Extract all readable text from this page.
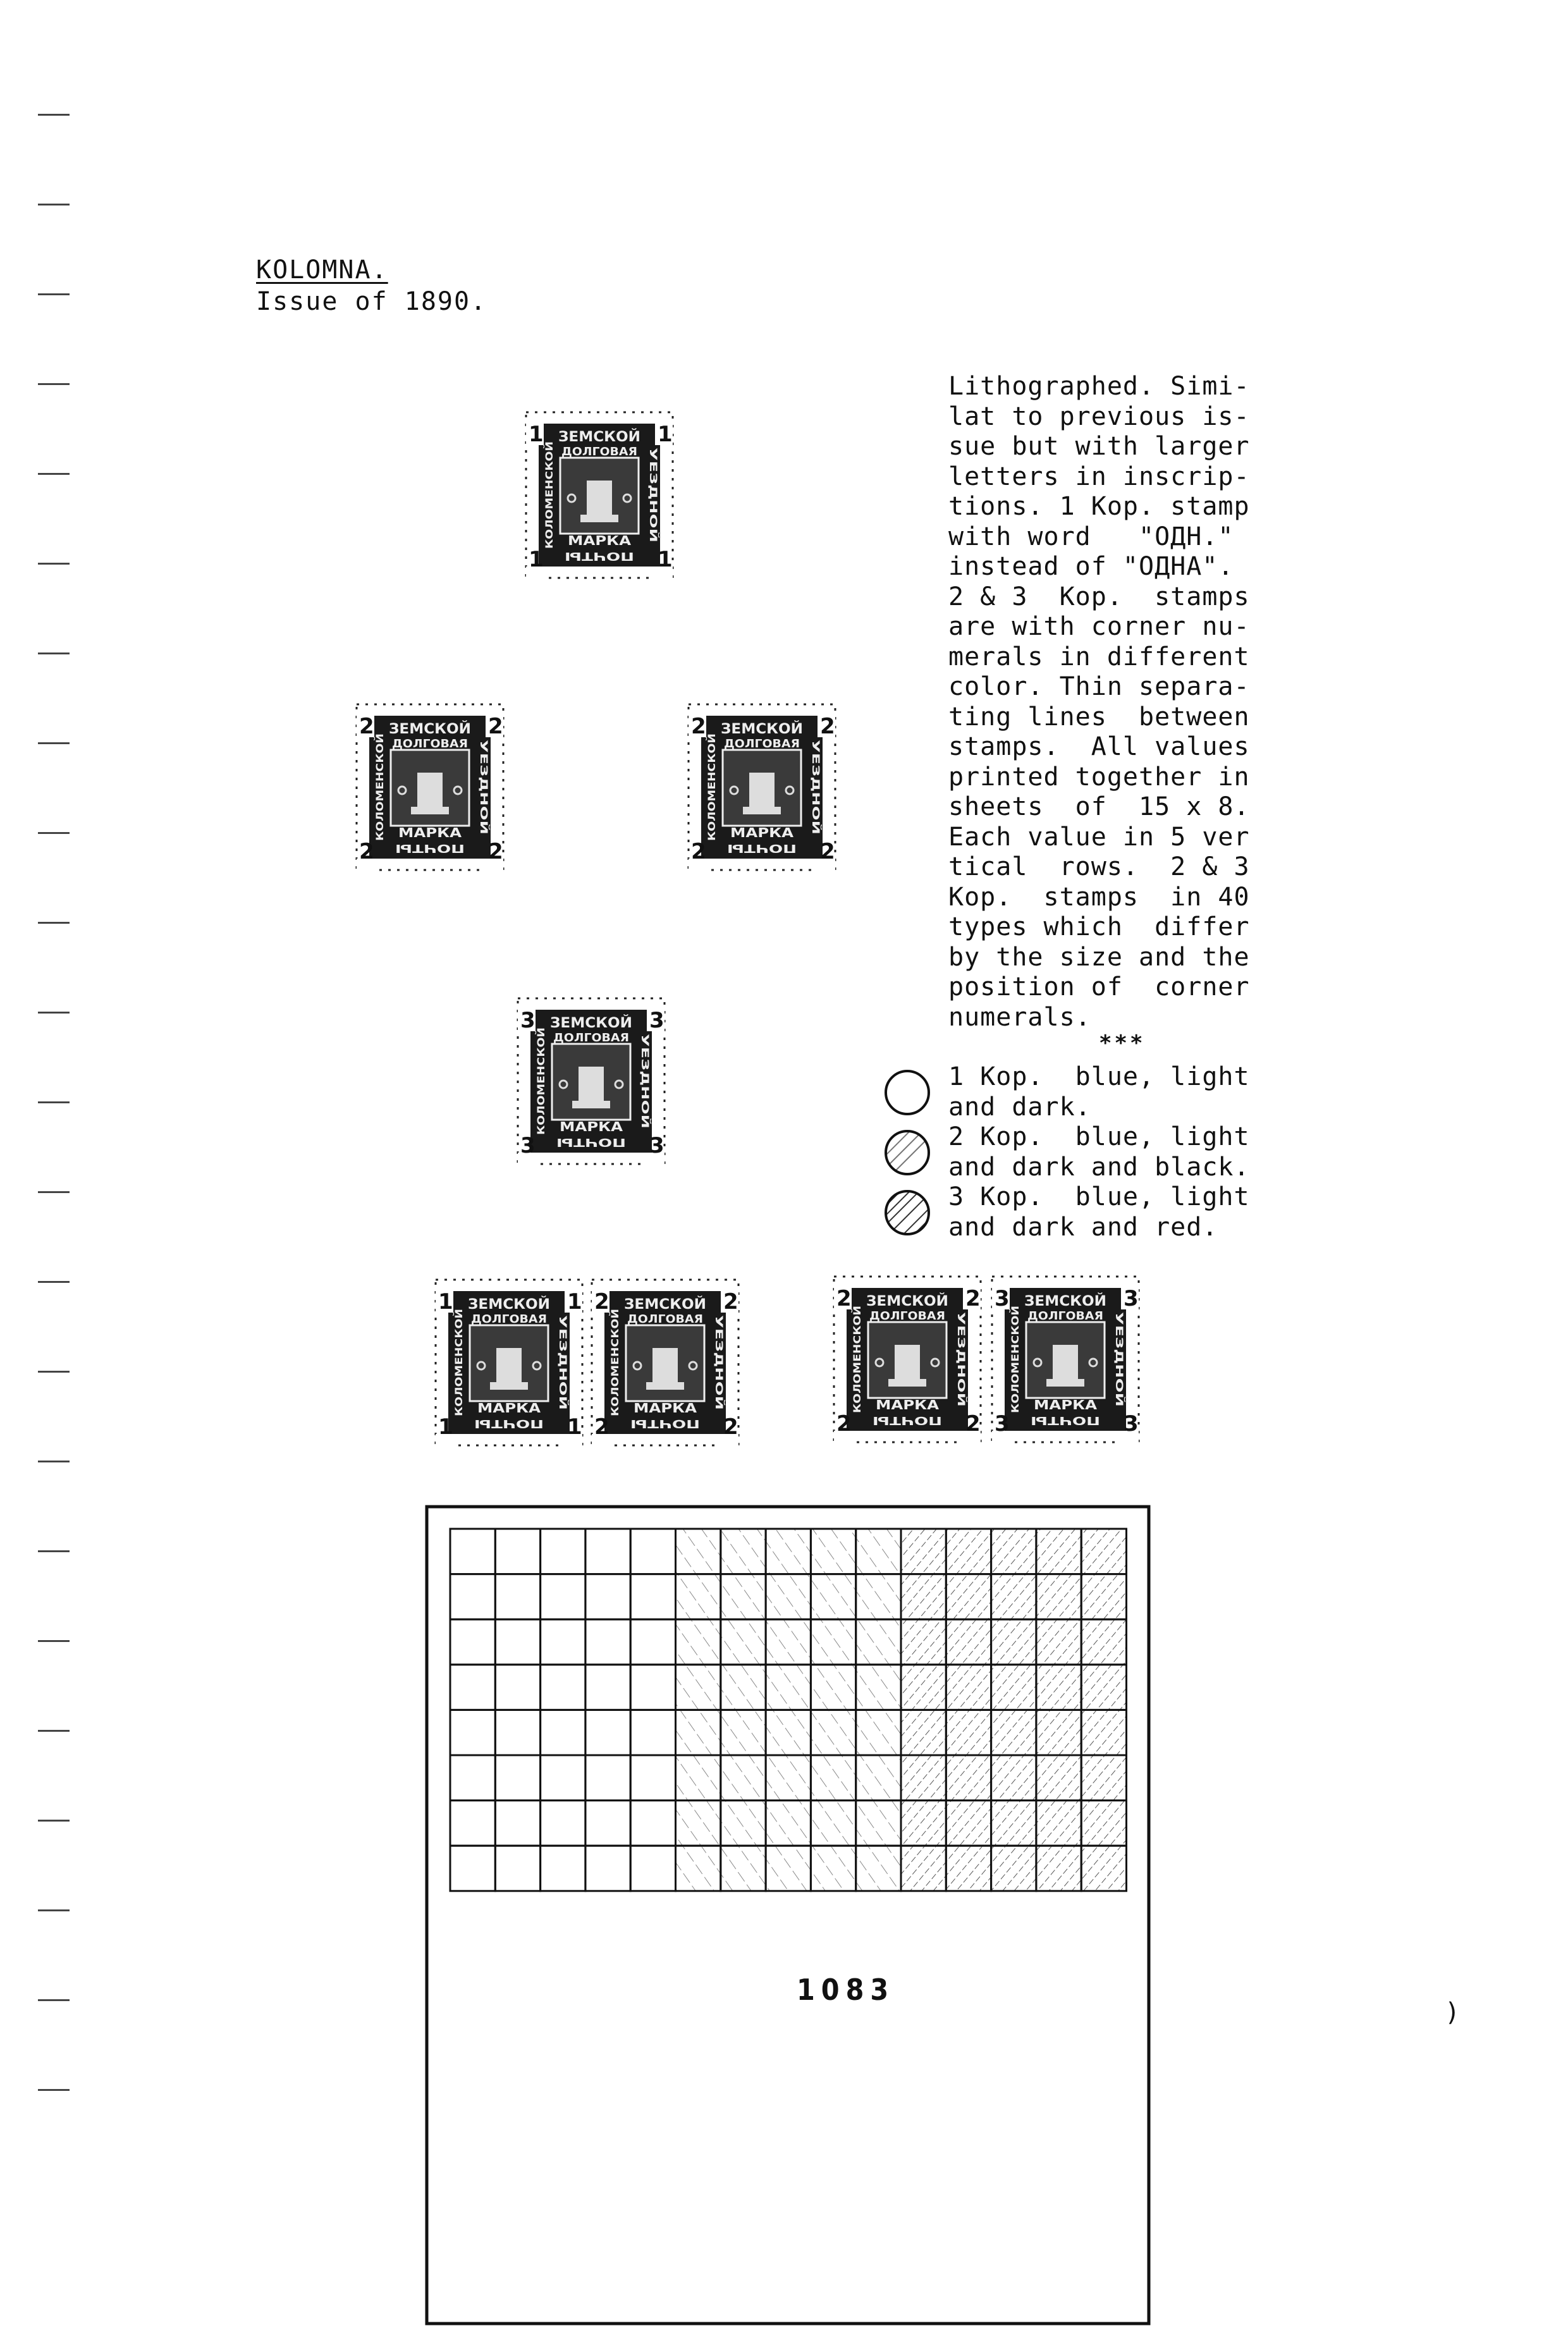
KOLOMNA.
Issue of 1890.
Lithographed. Simi-
lat to previous is-
sue but with larger
letters in inscrip-
tions. 1 Kop. stamp
with word   "ОДН."
instead of "ОДНА".
2 & 3  Kop.  stamps
are with corner nu-
merals in different
color. Thin separa-
ting lines  between
stamps.  All values
printed together in
sheets  of  15 x 8.
Each value in 5 ver
tical  rows.  2 & 3
Kop.  stamps  in 40
types which  differ
by the size and the
position of  corner
numerals.
***
1 Kop.  blue, light
and dark.
2 Kop.  blue, light
and dark and black.
3 Kop.  blue, light
and dark and red.
ЗЕМСКОЙ
ДОЛГОВАЯ
МАРКА
ПОЧТЫ
КОЛОМЕНСКОЙ	УЕЗДНОЙ
1	1
1	1
ЗЕМСКОЙ
ДОЛГОВАЯ
МАРКА
ПОЧТЫ
КОЛОМЕНСКОЙ	УЕЗДНОЙ
2	2
2	2
ЗЕМСКОЙ
ДОЛГОВАЯ
МАРКА
ПОЧТЫ
КОЛОМЕНСКОЙ	УЕЗДНОЙ
2	2
2	2
ЗЕМСКОЙ
ДОЛГОВАЯ
МАРКА
ПОЧТЫ
КОЛОМЕНСКОЙ	УЕЗДНОЙ
3	3
3	3
ЗЕМСКОЙ
ДОЛГОВАЯ
МАРКА
ПОЧТЫ
КОЛОМЕНСКОЙ	УЕЗДНОЙ
1	1
1	1
ЗЕМСКОЙ
ДОЛГОВАЯ
МАРКА
ПОЧТЫ
КОЛОМЕНСКОЙ	УЕЗДНОЙ
2	2
2	2
ЗЕМСКОЙ
ДОЛГОВАЯ
МАРКА
ПОЧТЫ
КОЛОМЕНСКОЙ	УЕЗДНОЙ
2	2
2	2
ЗЕМСКОЙ
ДОЛГОВАЯ
МАРКА
ПОЧТЫ
КОЛОМЕНСКОЙ	УЕЗДНОЙ
3	3
3	3
1083
)
